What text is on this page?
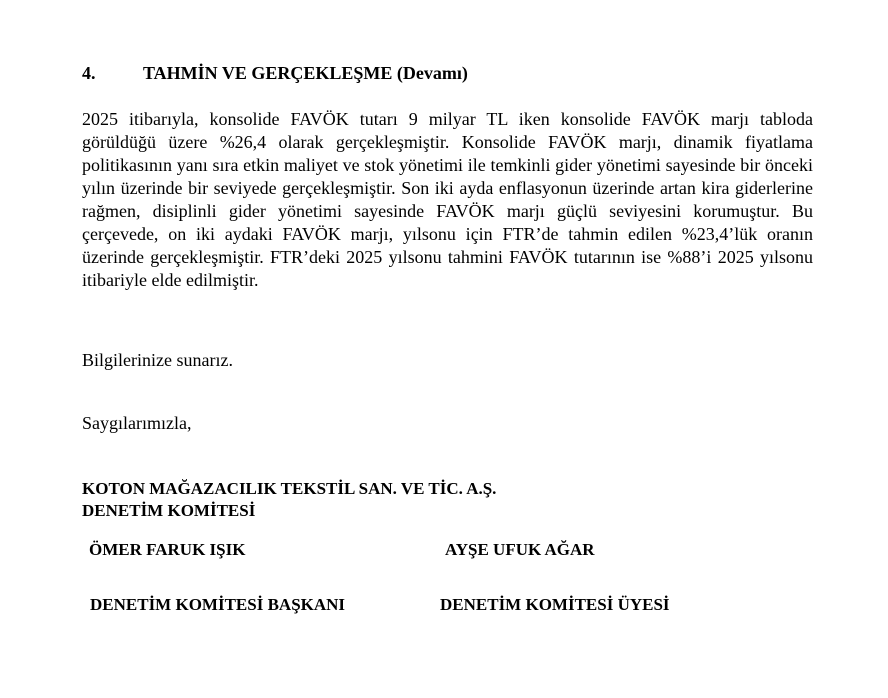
4.	TAHMİN VE GERÇEKLEŞME (Devamı)

2025 itibarıyla, konsolide FAVÖK tutarı 9 milyar TL iken konsolide FAVÖK marjı tabloda görüldüğü üzere %26,4 olarak gerçekleşmiştir. Konsolide FAVÖK marjı, dinamik fiyatlama politikasının yanı sıra etkin maliyet ve stok yönetimi ile temkinli gider yönetimi sayesinde bir önceki yılın üzerinde bir seviyede gerçekleşmiştir. Son iki ayda enflasyonun üzerinde artan kira giderlerine rağmen, disiplinli gider yönetimi sayesinde FAVÖK marjı güçlü seviyesini korumuştur. Bu çerçevede, on iki aydaki FAVÖK marjı, yılsonu için FTR’de tahmin edilen %23,4’lük oranın üzerinde gerçekleşmiştir. FTR’deki 2025 yılsonu tahmini FAVÖK tutarının ise %88’i 2025 yılsonu itibariyle elde edilmiştir.

Bilgilerinize sunarız.

Saygılarımızla,

KOTON MAĞAZACILIK TEKSTİL SAN. VE TİC. A.Ş.
DENETİM KOMİTESİ
ÖMER FARUK IŞIK	AYŞE UFUK AĞAR
DENETİM KOMİTESİ BAŞKANI	DENETİM KOMİTESİ ÜYESİ
